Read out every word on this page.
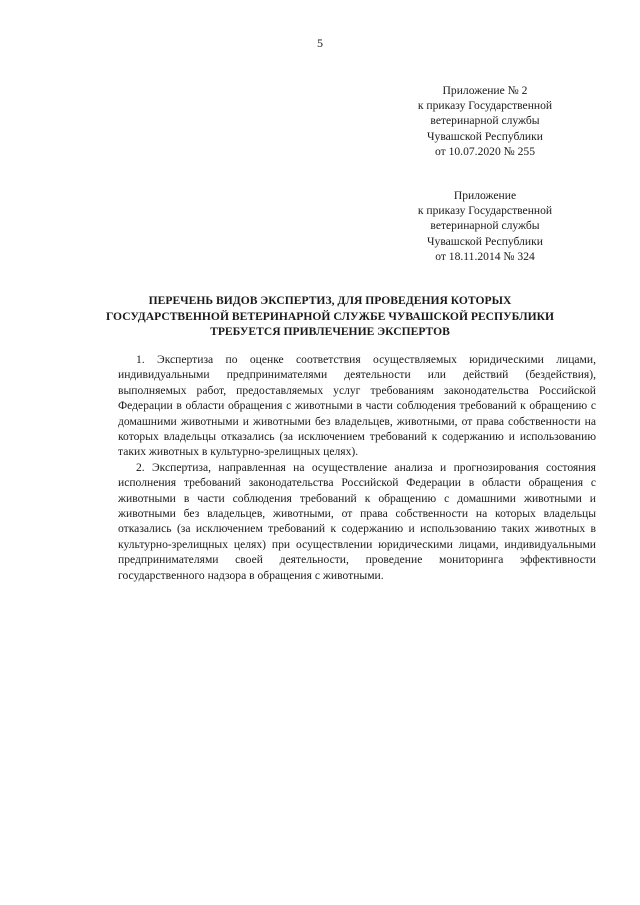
5
Приложение № 2
к приказу Государственной
ветеринарной службы
Чувашской Республики
от 10.07.2020 № 255
Приложение
к приказу Государственной
ветеринарной службы
Чувашской Республики
от 18.11.2014 № 324
ПЕРЕЧЕНЬ ВИДОВ ЭКСПЕРТИЗ, ДЛЯ ПРОВЕДЕНИЯ КОТОРЫХ
ГОСУДАРСТВЕННОЙ ВЕТЕРИНАРНОЙ СЛУЖБЕ ЧУВАШСКОЙ РЕСПУБЛИКИ
ТРЕБУЕТСЯ ПРИВЛЕЧЕНИЕ ЭКСПЕРТОВ

1. Экспертиза по оценке соответствия осуществляемых юридическими лицами, индивидуальными предпринимателями деятельности или действий (бездействия), выполняемых работ, предоставляемых услуг требованиям законодательства Российской Федерации в области обращения с животными в части соблюдения требований к обращению с домашними животными и животными без владельцев, животными, от права собственности на которых владельцы отказались (за исключением требований к содержанию и использованию таких животных в культурно-зрелищных целях).

2. Экспертиза, направленная на осуществление анализа и прогнозирования состояния исполнения требований законодательства Российской Федерации в области обращения с животными в части соблюдения требований к обращению с домашними животными и животными без владельцев, животными, от права собственности на которых владельцы отказались (за исключением требований к содержанию и использованию таких животных в культурно-зрелищных целях) при осуществлении юридическими лицами, индивидуальными предпринимателями своей деятельности, проведение мониторинга эффективности государственного надзора в обращения с животными.
